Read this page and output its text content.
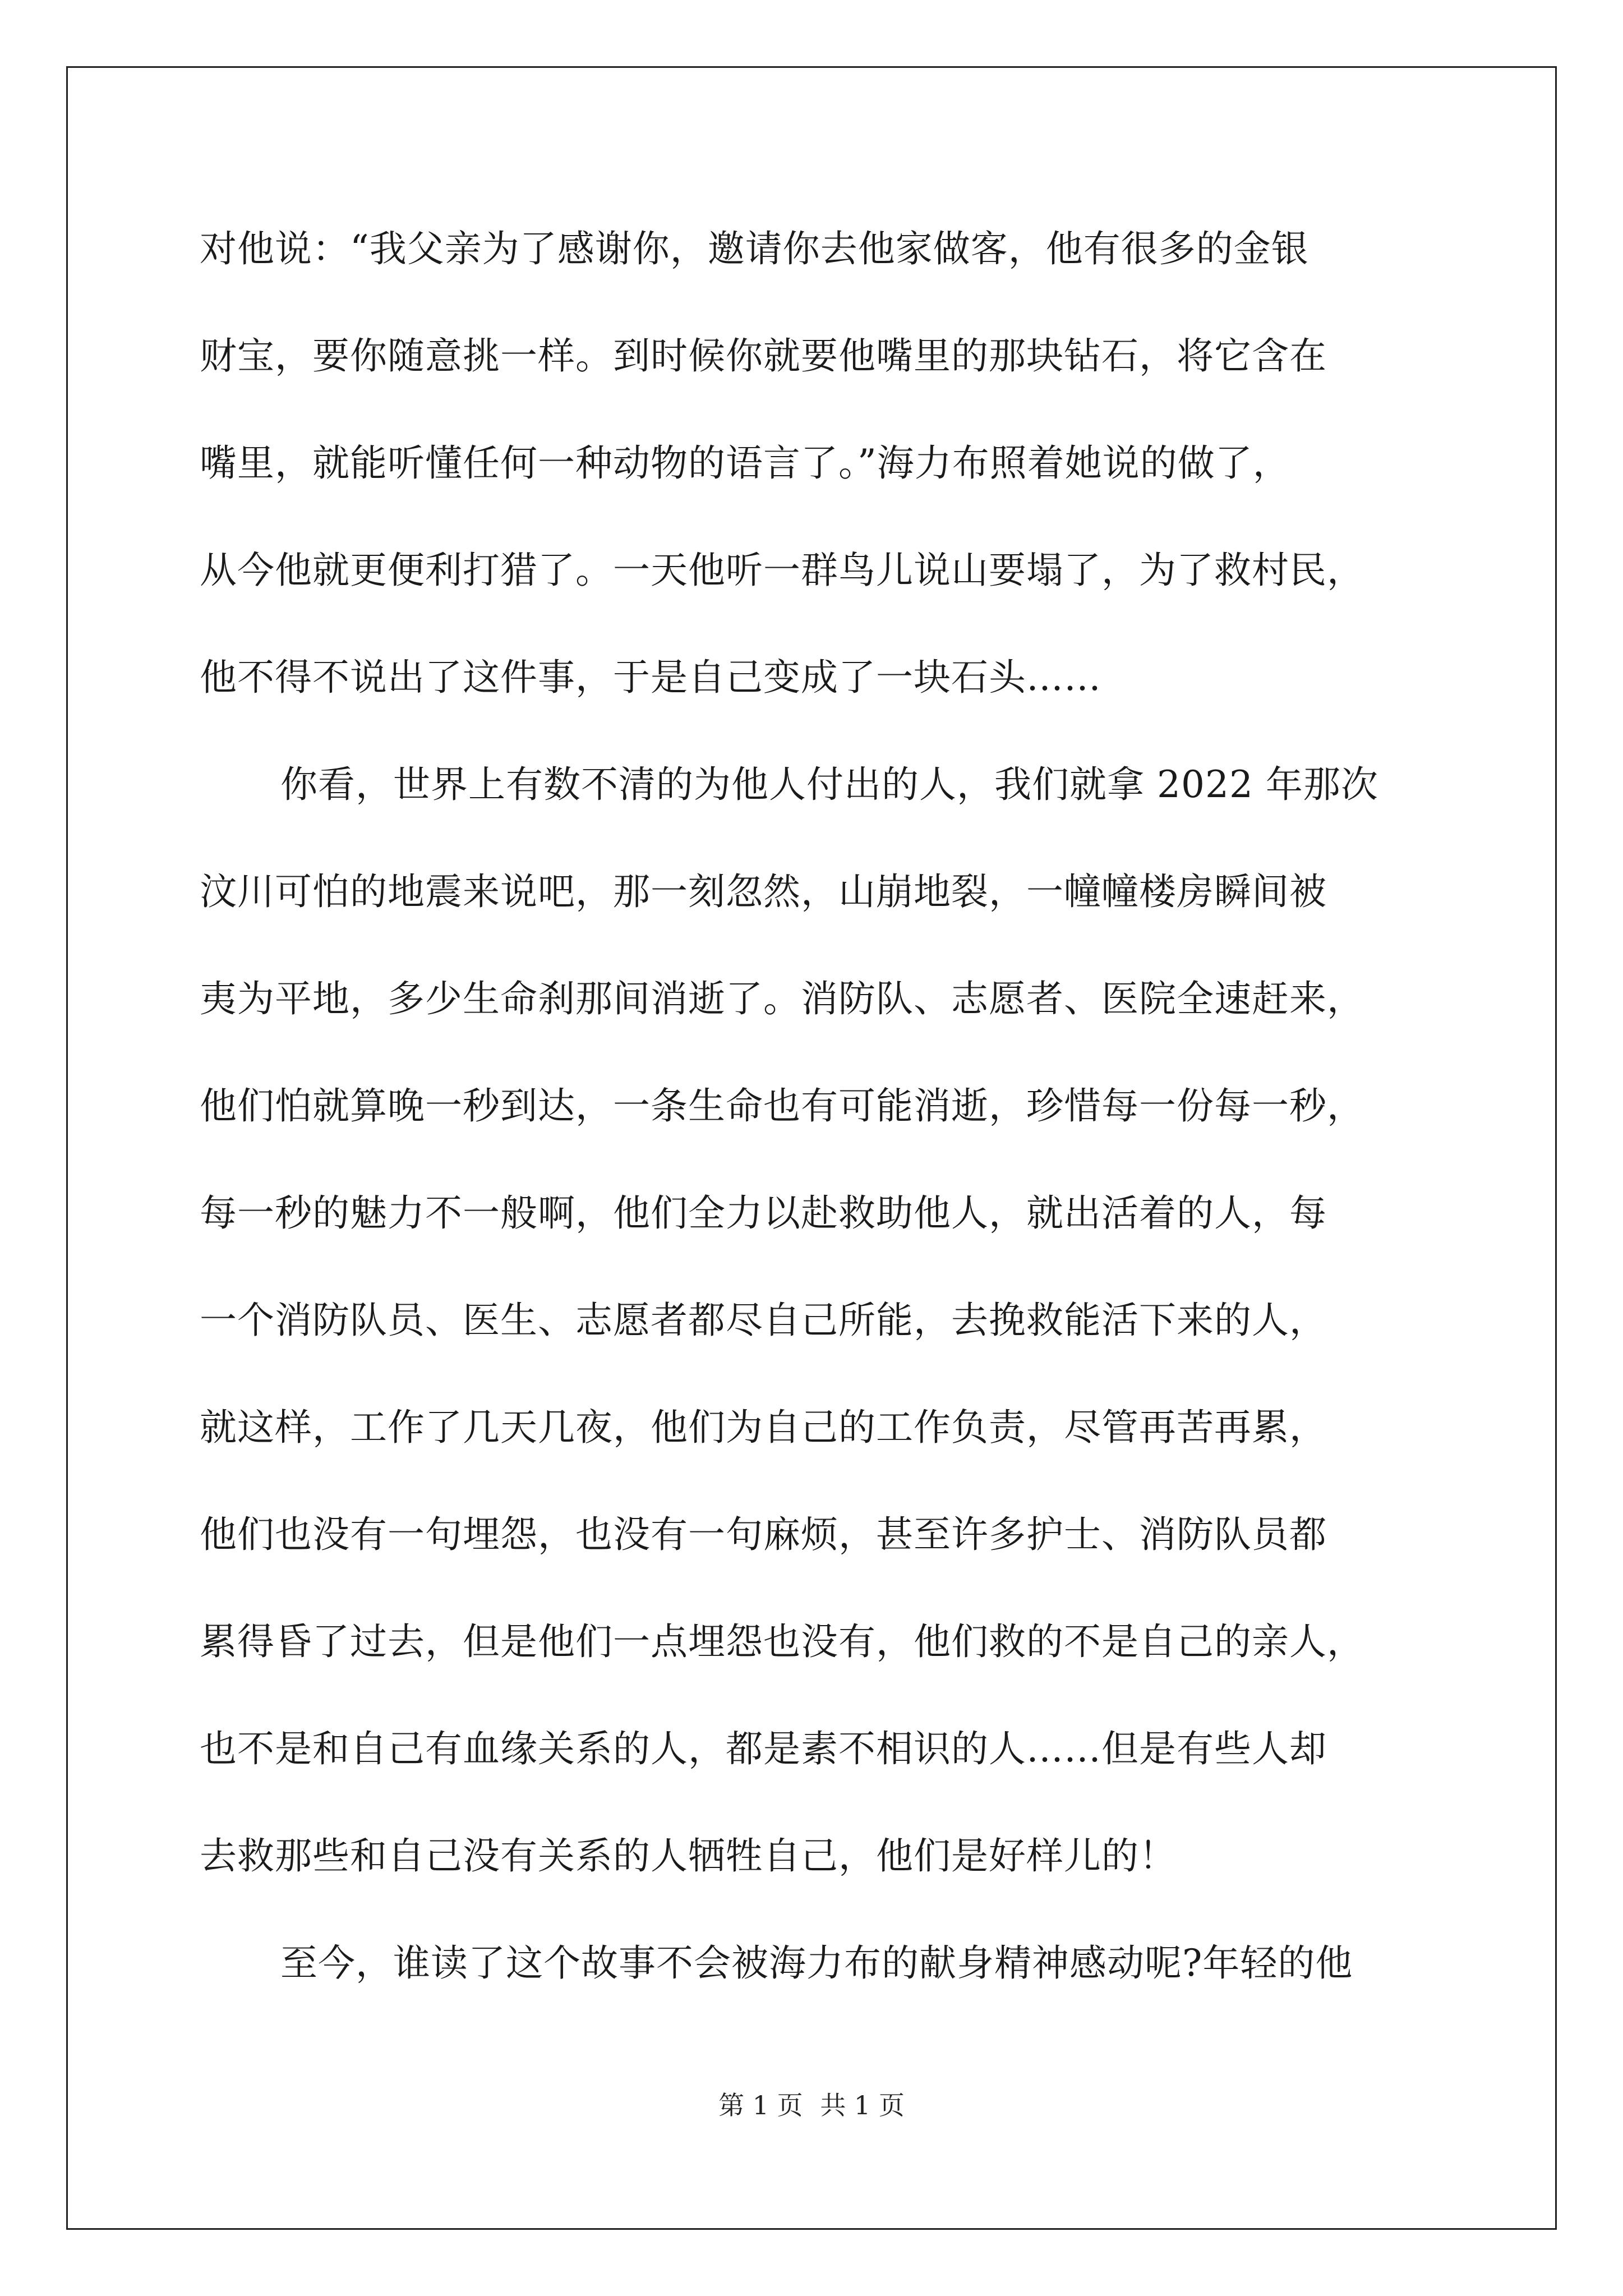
对他说：“我父亲为了感谢你，邀请你去他家做客，他有很多的金银
财宝，要你随意挑一样。到时候你就要他嘴里的那块钻石，将它含在
嘴里，就能听懂任何一种动物的语言了。”海力布照着她说的做了，
从今他就更便利打猎了。一天他听一群鸟儿说山要塌了，为了救村民，
他不得不说出了这件事，于是自己变成了一块石头……
你看，世界上有数不清的为他人付出的人，我们就拿 2022 年那次
汶川可怕的地震来说吧，那一刻忽然，山崩地裂，一幢幢楼房瞬间被
夷为平地，多少生命刹那间消逝了。消防队、志愿者、医院全速赶来，
他们怕就算晚一秒到达，一条生命也有可能消逝，珍惜每一份每一秒，
每一秒的魅力不一般啊，他们全力以赴救助他人，就出活着的人，每
一个消防队员、医生、志愿者都尽自己所能，去挽救能活下来的人，
就这样，工作了几天几夜，他们为自己的工作负责，尽管再苦再累，
他们也没有一句埋怨，也没有一句麻烦，甚至许多护士、消防队员都
累得昏了过去，但是他们一点埋怨也没有，他们救的不是自己的亲人，
也不是和自己有血缘关系的人，都是素不相识的人……但是有些人却
去救那些和自己没有关系的人牺牲自己，他们是好样儿的！
至今，谁读了这个故事不会被海力布的献身精神感动呢?年轻的他
第 1 页 共 1 页
